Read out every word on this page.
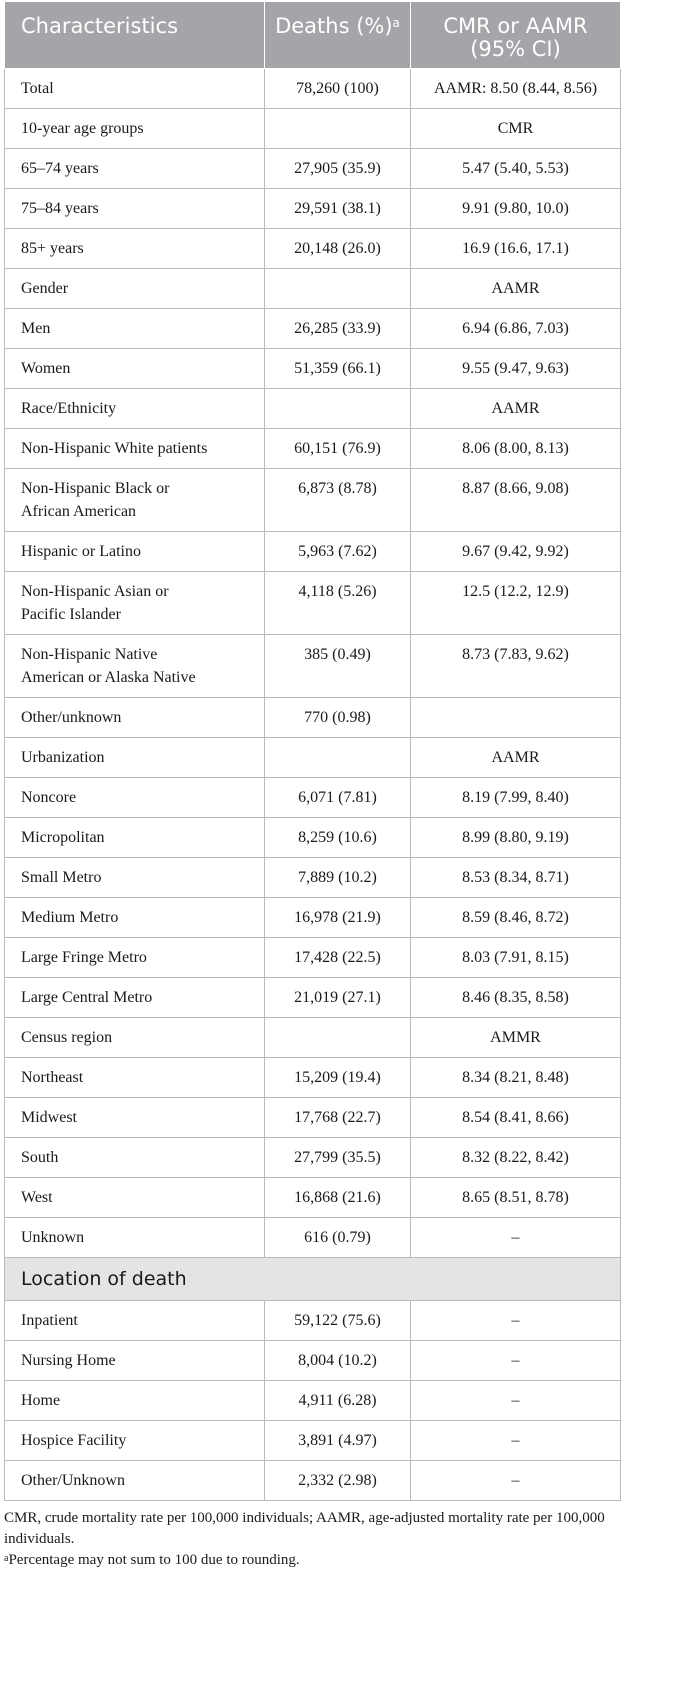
Characteristics	Deaths (%)$^a$	CMR or AAMR
(95% CI)
Total	78,260 (100)	AAMR: 8.50 (8.44, 8.56)
10-year age groups		CMR
65–74 years	27,905 (35.9)	5.47 (5.40, 5.53)
75–84 years	29,591 (38.1)	9.91 (9.80, 10.0)
85+ years	20,148 (26.0)	16.9 (16.6, 17.1)
Gender		AAMR
Men	26,285 (33.9)	6.94 (6.86, 7.03)
Women	51,359 (66.1)	9.55 (9.47, 9.63)
Race/Ethnicity		AAMR
Non-Hispanic White patients	60,151 (76.9)	8.06 (8.00, 8.13)
Non-Hispanic Black or
African American	6,873 (8.78)	8.87 (8.66, 9.08)
Hispanic or Latino	5,963 (7.62)	9.67 (9.42, 9.92)
Non-Hispanic Asian or
Pacific Islander	4,118 (5.26)	12.5 (12.2, 12.9)
Non-Hispanic Native
American or Alaska Native	385 (0.49)	8.73 (7.83, 9.62)
Other/unknown	770 (0.98)	
Urbanization		AAMR
Noncore	6,071 (7.81)	8.19 (7.99, 8.40)
Micropolitan	8,259 (10.6)	8.99 (8.80, 9.19)
Small Metro	7,889 (10.2)	8.53 (8.34, 8.71)
Medium Metro	16,978 (21.9)	8.59 (8.46, 8.72)
Large Fringe Metro	17,428 (22.5)	8.03 (7.91, 8.15)
Large Central Metro	21,019 (27.1)	8.46 (8.35, 8.58)
Census region		AMMR
Northeast	15,209 (19.4)	8.34 (8.21, 8.48)
Midwest	17,768 (22.7)	8.54 (8.41, 8.66)
South	27,799 (35.5)	8.32 (8.22, 8.42)
West	16,868 (21.6)	8.65 (8.51, 8.78)
Unknown	616 (0.79)	–
Location of death		
Inpatient	59,122 (75.6)	–
Nursing Home	8,004 (10.2)	–
Home	4,911 (6.28)	–
Hospice Facility	3,891 (4.97)	–
Other/Unknown	2,332 (2.98)	–

CMR, crude mortality rate per 100,000 individuals; AAMR, age-adjusted mortality rate per 100,000 individuals.

$^a$Percentage may not sum to 100 due to rounding.
